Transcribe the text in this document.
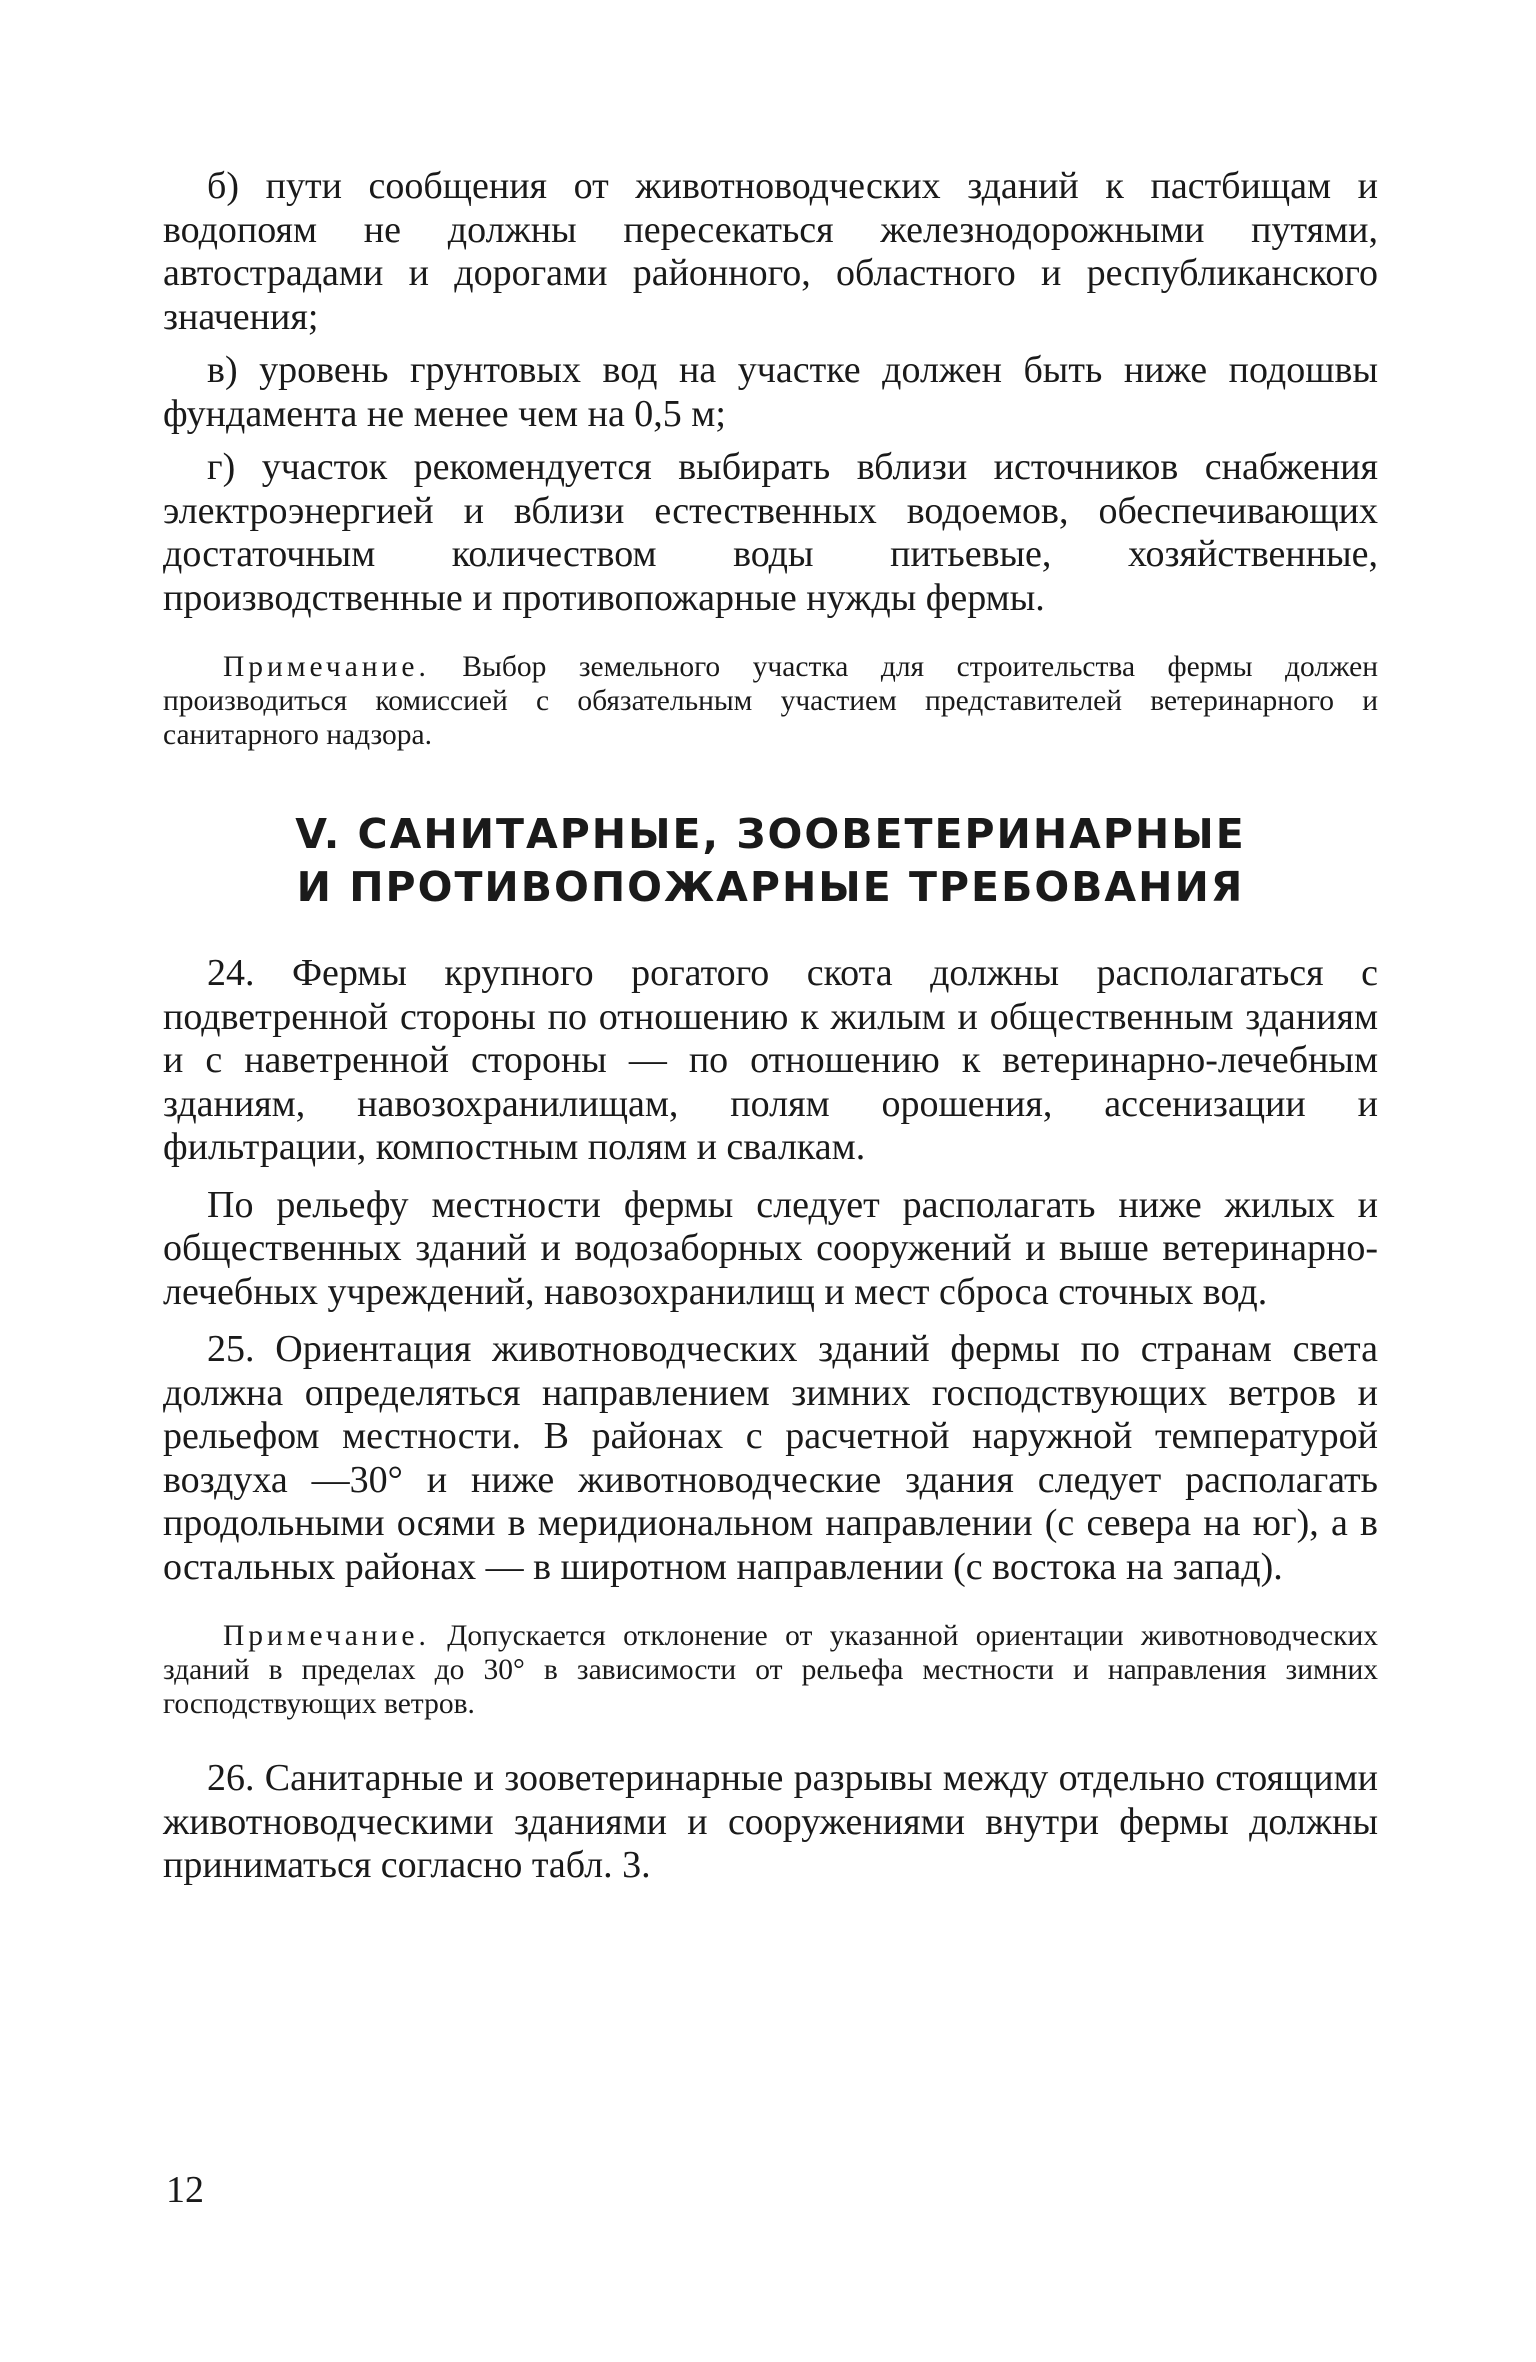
б) пути сообщения от животноводческих зданий к пастбищам и водопоям не должны пересекаться железнодорожными путями, автострадами и дорогами районного, областного и республиканского значения;

в) уровень грунтовых вод на участке должен быть ниже подошвы фундамента не менее чем на 0,5 м;

г) участок рекомендуется выбирать вблизи источников снабжения электроэнергией и вблизи естественных водоемов, обеспечивающих достаточным количеством воды питьевые, хозяйственные, производственные и противопожарные нужды фермы.

Примечание. Выбор земельного участка для строительства фермы должен производиться комиссией с обязательным участием представителей ветеринарного и санитарного надзора.

V. САНИТАРНЫЕ, ЗООВЕТЕРИНАРНЫЕ
И ПРОТИВОПОЖАРНЫЕ ТРЕБОВАНИЯ

24. Фермы крупного рогатого скота должны располагаться с подветренной стороны по отношению к жилым и общественным зданиям и с наветренной стороны — по отношению к ветеринарно-лечебным зданиям, навозохранилищам, полям орошения, ассенизации и фильтрации, компостным полям и свалкам.

По рельефу местности фермы следует располагать ниже жилых и общественных зданий и водозаборных сооружений и выше ветеринарно-лечебных учреждений, навозохранилищ и мест сброса сточных вод.

25. Ориентация животноводческих зданий фермы по странам света должна определяться направлением зимних господствующих ветров и рельефом местности. В районах с расчетной наружной температурой воздуха —30° и ниже животноводческие здания следует располагать продольными осями в меридиональном направлении (с севера на юг), а в остальных районах — в широтном направлении (с востока на запад).

Примечание. Допускается отклонение от указанной ориентации животноводческих зданий в пределах до 30° в зависимости от рельефа местности и направления зимних господствующих ветров.

26. Санитарные и зооветеринарные разрывы между отдельно стоящими животноводческими зданиями и сооружениями внутри фермы должны приниматься согласно табл. 3.

12
